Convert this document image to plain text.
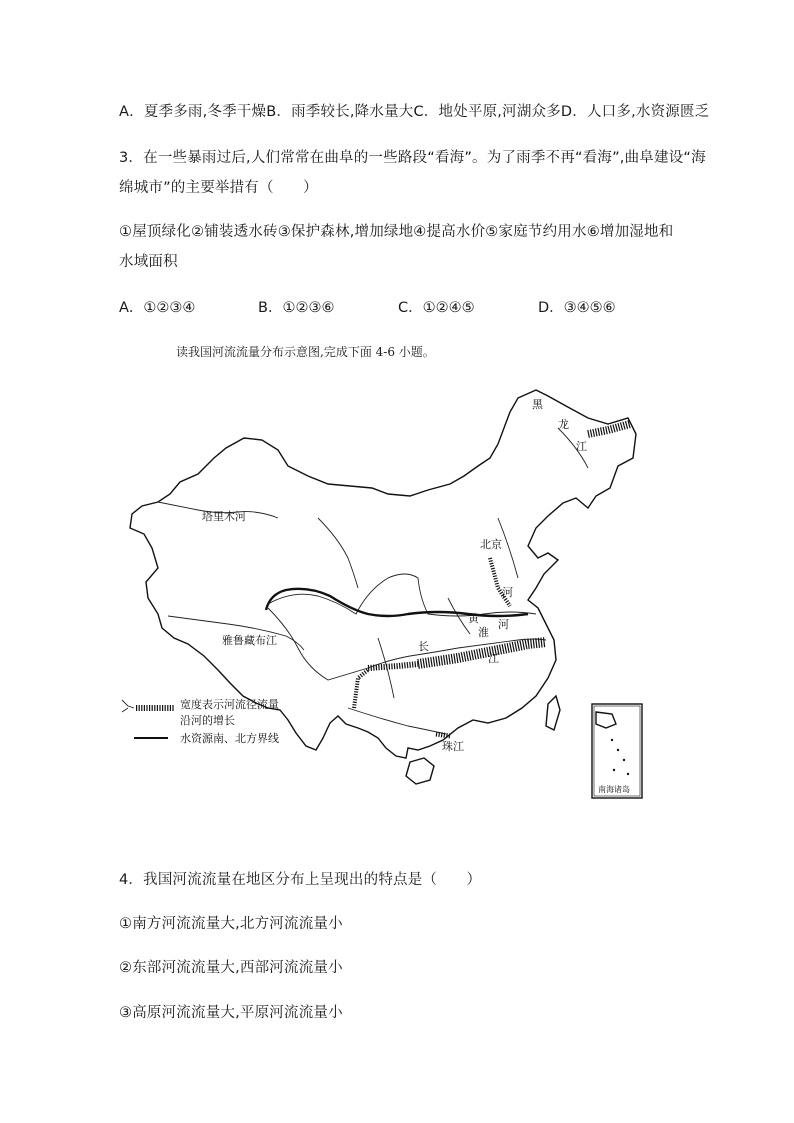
A．夏季多雨,冬季干燥B．雨季较长,降水量大C．地处平原,河湖众多D．人口多,水资源匮乏
3．在一些暴雨过后,人们常常在曲阜的一些路段“看海”。为了雨季不再“看海”,曲阜建设“海
绵城市”的主要举措有（　　）
①屋顶绿化②铺装透水砖③保护森林,增加绿地④提高水价⑤家庭节约用水⑥增加湿地和
水域面积
A．①②③④	B．①②③⑥	C．①②④⑤	D．③④⑤⑥
读我国河流流量分布示意图,完成下面 4-6 小题。
黑
龙
江
塔里木河
北京
河
黄 河
淮
雅鲁藏布江	长
江
珠江
南海诸岛
宽度表示河流径流量
沿河的增长
水资源南、北方界线
4．我国河流流量在地区分布上呈现出的特点是（　　）
①南方河流流量大,北方河流流量小
②东部河流流量大,西部河流流量小
③高原河流流量大,平原河流流量小
